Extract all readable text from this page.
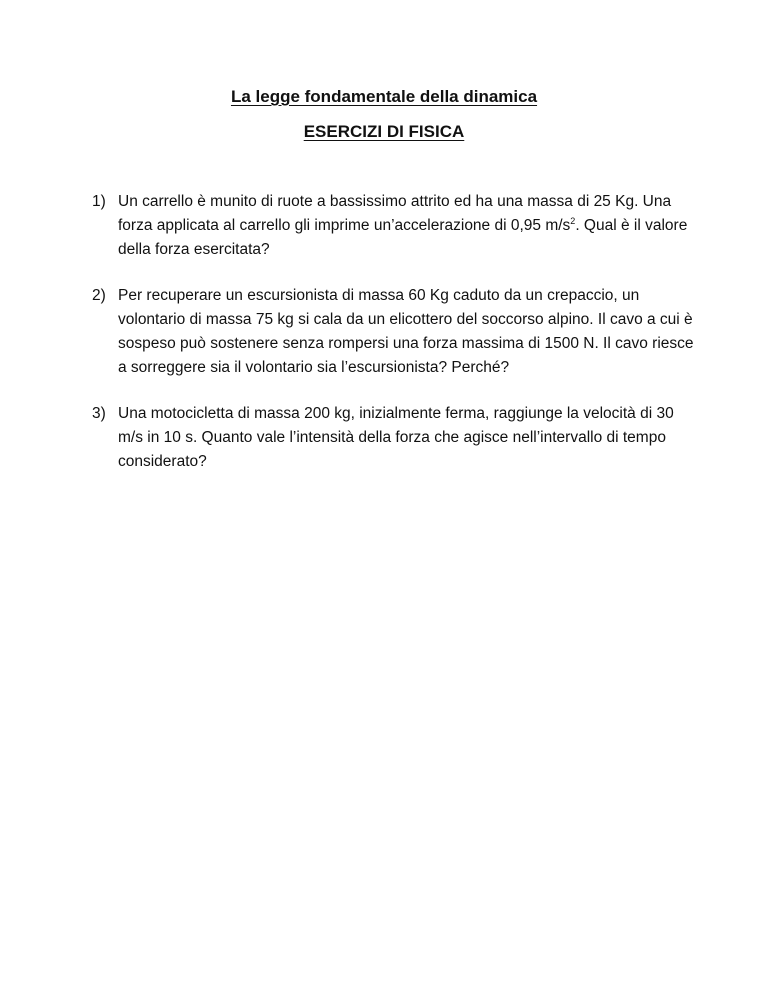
La legge fondamentale della dinamica
ESERCIZI DI FISICA
1) Un carrello è munito di ruote a bassissimo attrito ed ha una massa di 25 Kg. Una forza applicata al carrello gli imprime un’accelerazione di 0,95 $m/s^2$. Qual è il valore della forza esercitata?
2) Per recuperare un escursionista di massa 60 Kg caduto da un crepaccio, un volontario di massa 75 kg si cala da un elicottero del soccorso alpino. Il cavo a cui è sospeso può sostenere senza rompersi una forza massima di 1500 N. Il cavo riesce a sorreggere sia il volontario sia l’escursionista? Perché?
3) Una motocicletta di massa 200 kg, inizialmente ferma, raggiunge la velocità di 30 m/s in 10 s. Quanto vale l’intensità della forza che agisce nell’intervallo di tempo considerato?
